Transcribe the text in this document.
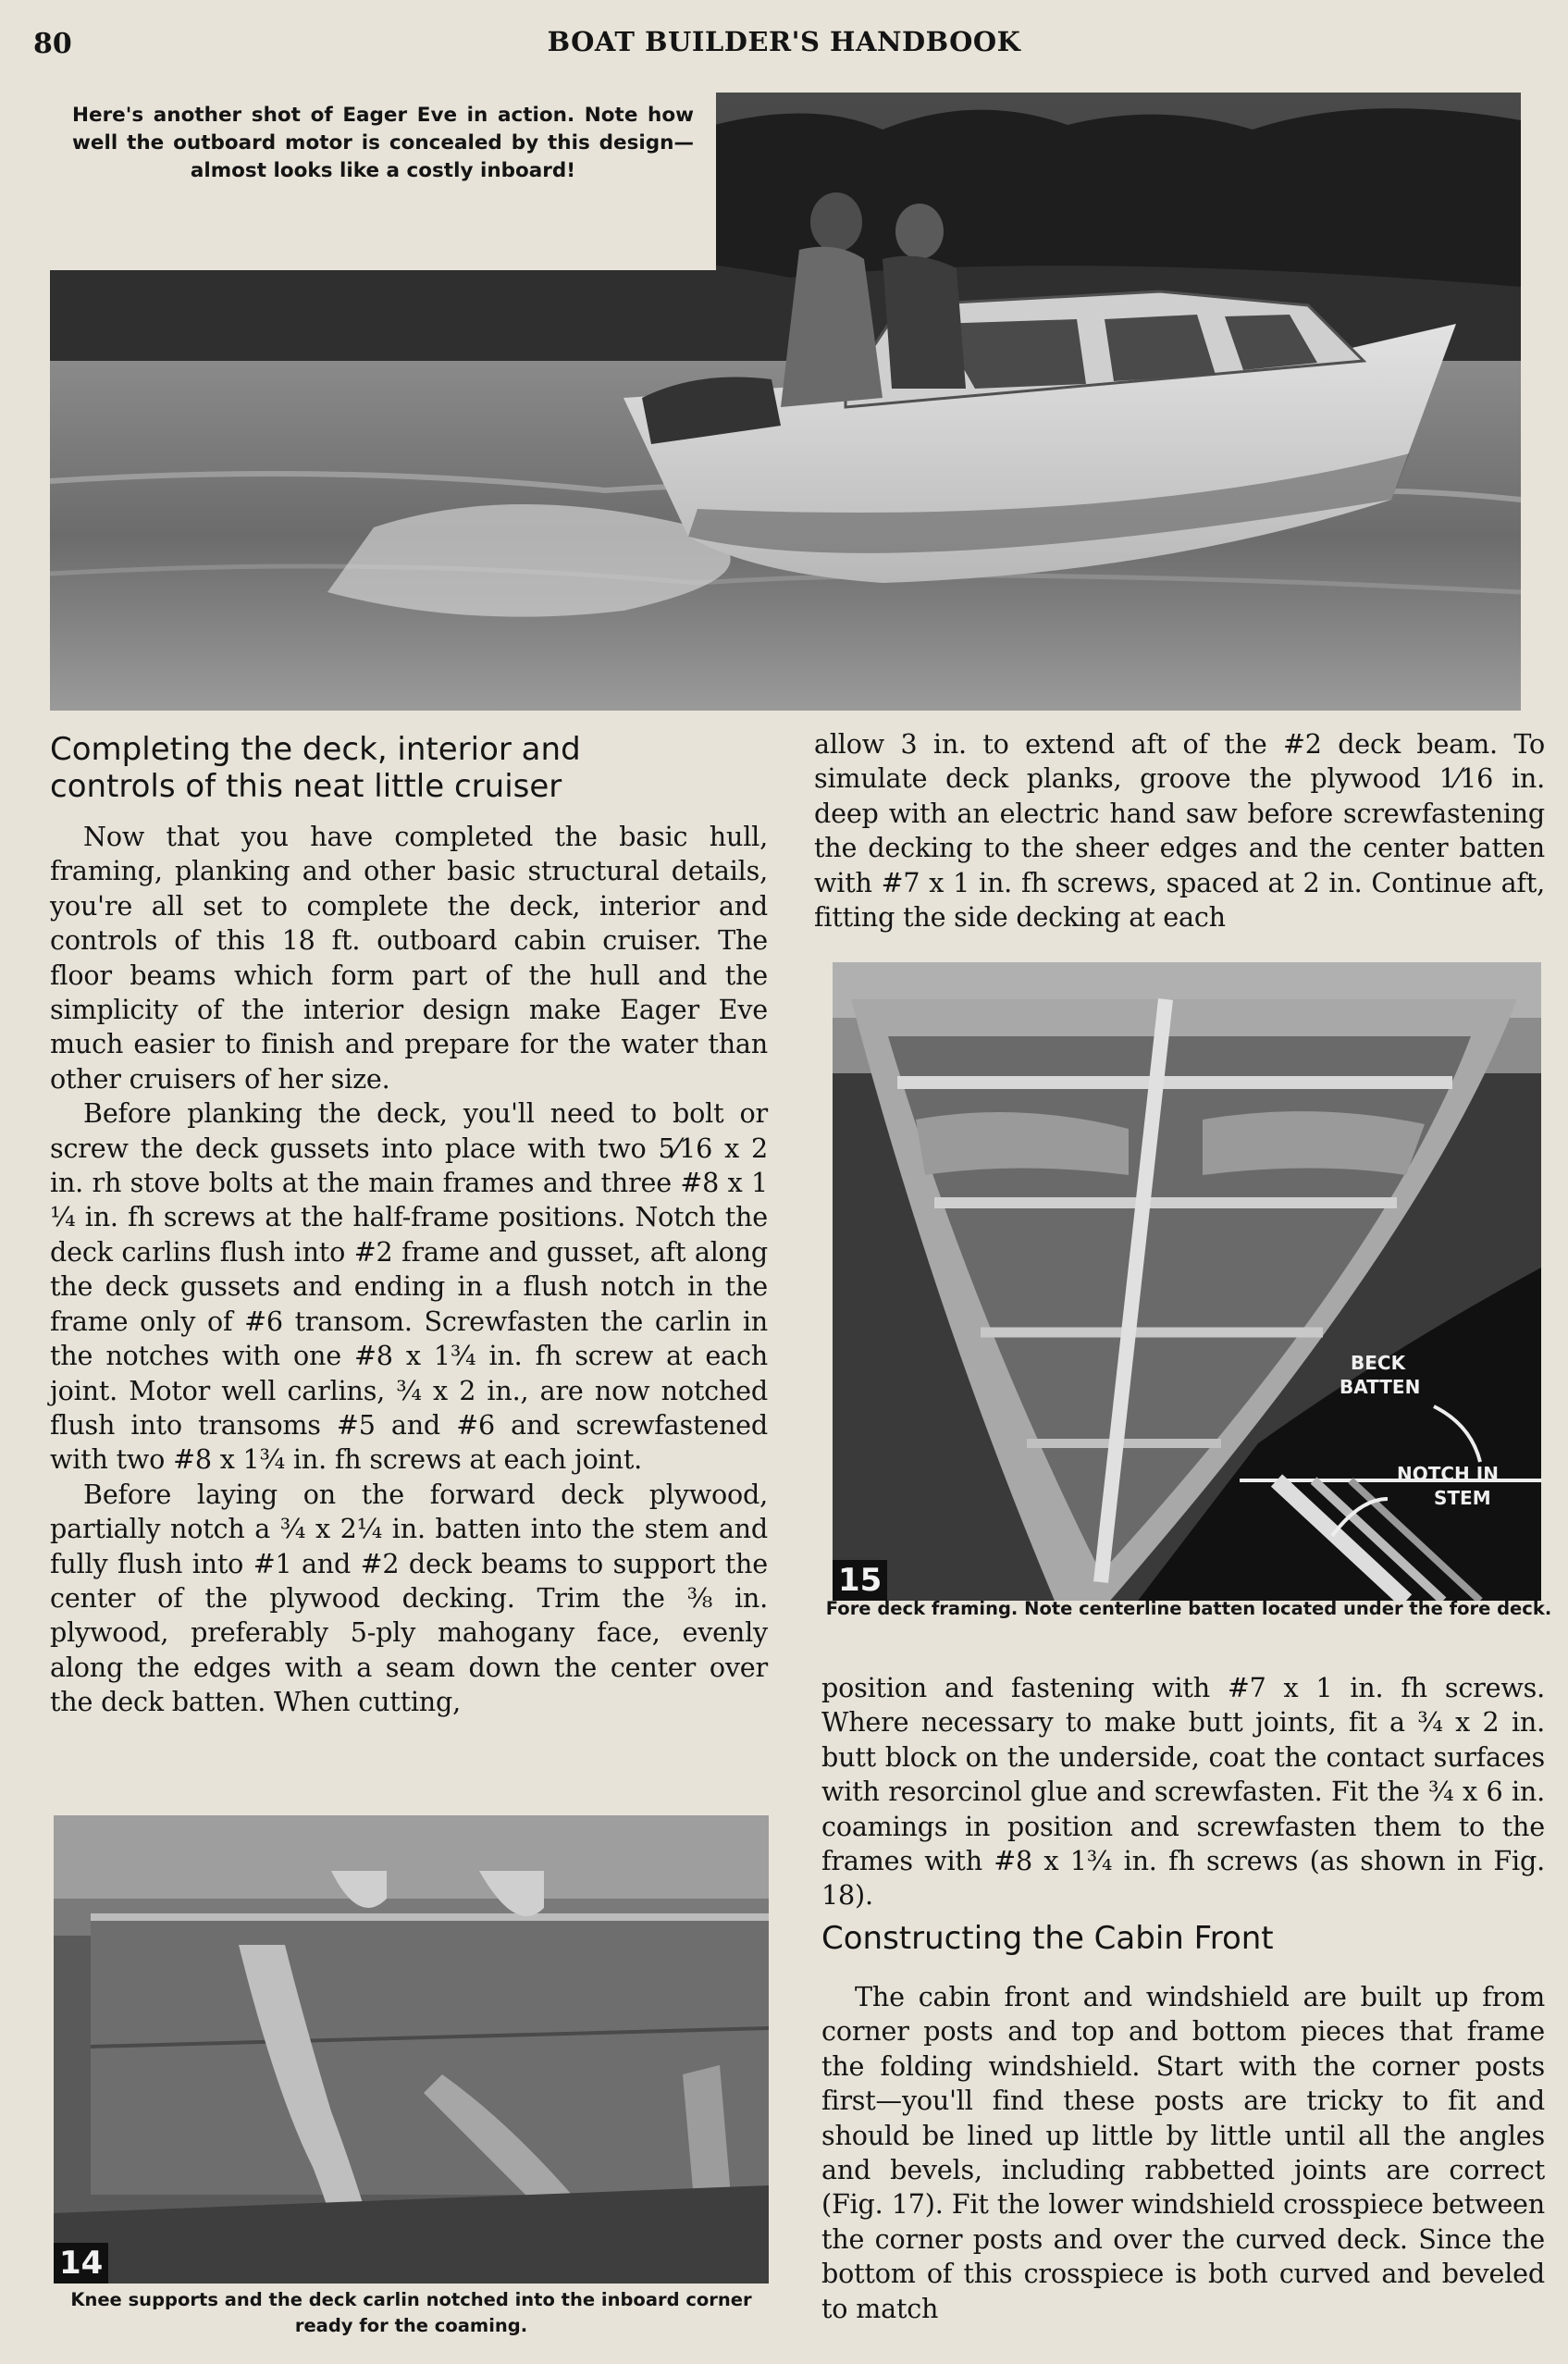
80	BOAT BUILDER'S HANDBOOK

Here's another shot of Eager Eve in action. Note how well the outboard motor is concealed by this design—almost looks like a costly inboard!

Completing the deck, interior and
controls of this neat little cruiser

Now that you have completed the basic hull, framing, planking and other basic structural details, you're all set to complete the deck, interior and controls of this 18 ft. outboard cabin cruiser. The floor beams which form part of the hull and the simplicity of the interior design make Eager Eve much easier to finish and prepare for the water than other cruisers of her size.

Before planking the deck, you'll need to bolt or screw the deck gussets into place with two 5⁄16 x 2 in. rh stove bolts at the main frames and three #8 x 1 ¼ in. fh screws at the half-frame positions. Notch the deck carlins flush into #2 frame and gusset, aft along the deck gussets and ending in a flush notch in the frame only of #6 transom. Screwfasten the carlin in the notches with one #8 x 1¾ in. fh screw at each joint. Motor well carlins, ¾ x 2 in., are now notched flush into transoms #5 and #6 and screwfastened with two #8 x 1¾ in. fh screws at each joint.

Before laying on the forward deck plywood, partially notch a ¾ x 2¼ in. batten into the stem and fully flush into #1 and #2 deck beams to support the center of the plywood decking. Trim the ⅜ in. plywood, preferably 5-ply mahogany face, evenly along the edges with a seam down the center over the deck batten. When cutting,

allow 3 in. to extend aft of the #2 deck beam. To simulate deck planks, groove the plywood 1⁄16 in. deep with an electric hand saw before screwfastening the decking to the sheer edges and the center batten with #7 x 1 in. fh screws, spaced at 2 in. Continue aft, fitting the side decking at each

BECK
BATTEN
NOTCH IN
STEM
15
Fore deck framing. Note centerline batten located under the fore deck.

position and fastening with #7 x 1 in. fh screws. Where necessary to make butt joints, fit a ¾ x 2 in. butt block on the underside, coat the contact surfaces with resorcinol glue and screwfasten. Fit the ¾ x 6 in. coamings in position and screwfasten them to the frames with #8 x 1¾ in. fh screws (as shown in Fig. 18).

Constructing the Cabin Front

The cabin front and windshield are built up from corner posts and top and bottom pieces that frame the folding windshield. Start with the corner posts first—you'll find these posts are tricky to fit and should be lined up little by little until all the angles and bevels, including rabbetted joints are correct (Fig. 17). Fit the lower windshield crosspiece between the corner posts and over the curved deck. Since the bottom of this crosspiece is both curved and beveled to match

14
Knee supports and the deck carlin notched into the inboard corner ready for the coaming.
